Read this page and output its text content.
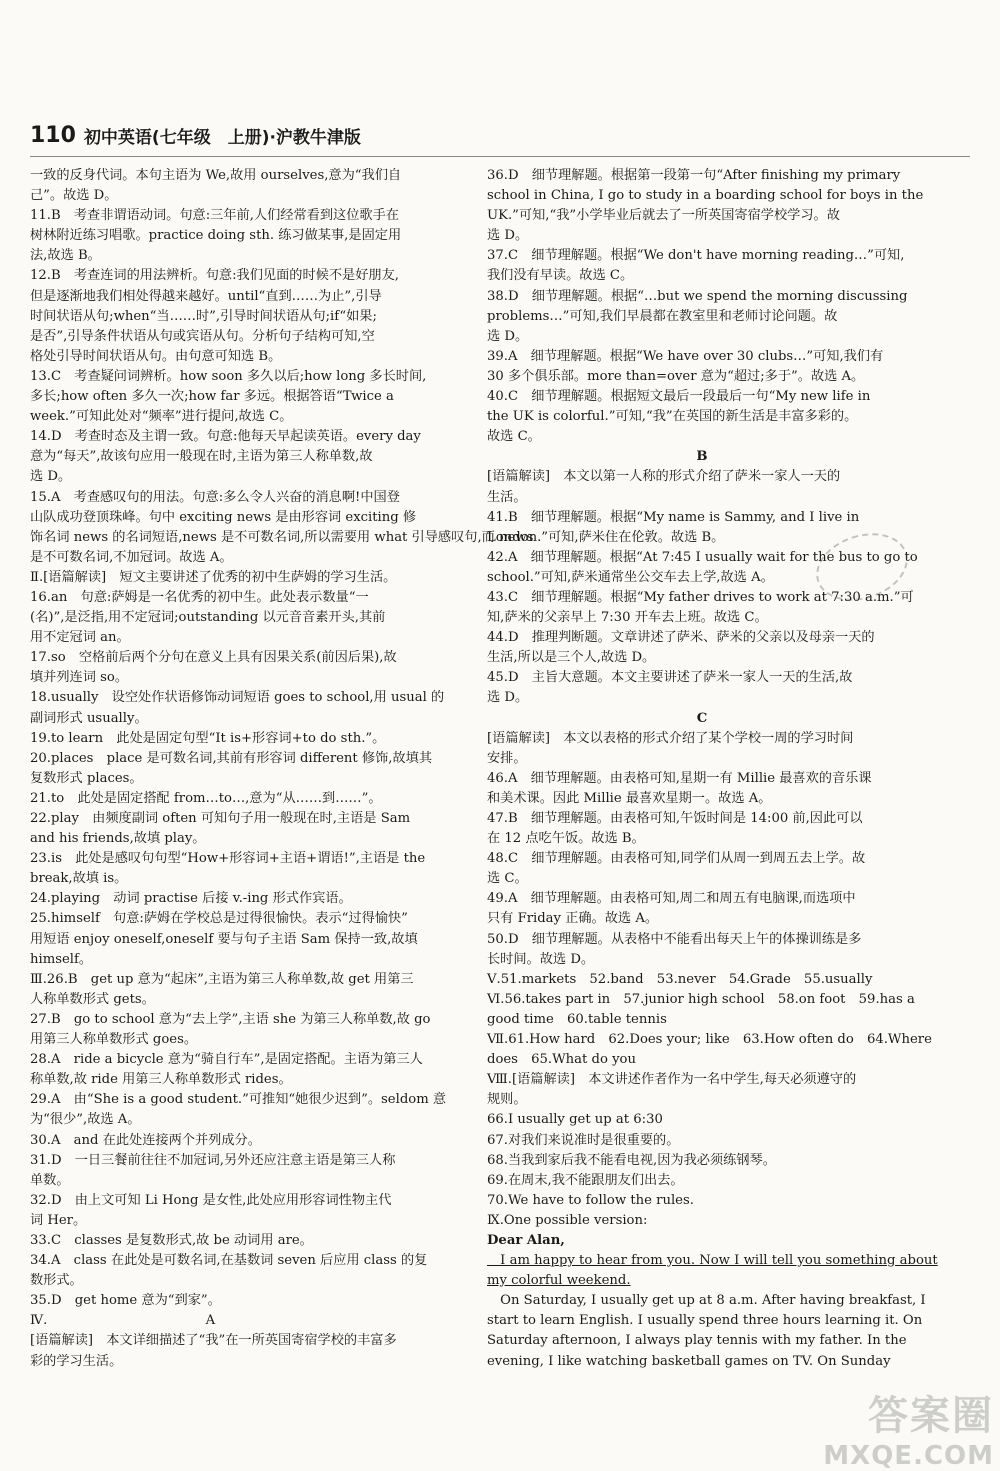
110 初中英语(七年级　上册)·沪教牛津版
一致的反身代词。本句主语为 We,故用 ourselves,意为“我们自
己”。故选 D。
11.B　考查非谓语动词。句意:三年前,人们经常看到这位歌手在
树林附近练习唱歌。practice doing sth. 练习做某事,是固定用
法,故选 B。
12.B　考查连词的用法辨析。句意:我们见面的时候不是好朋友,
但是逐渐地我们相处得越来越好。until“直到……为止”,引导
时间状语从句;when“当……时”,引导时间状语从句;if“如果;
是否”,引导条件状语从句或宾语从句。分析句子结构可知,空
格处引导时间状语从句。由句意可知选 B。
13.C　考查疑问词辨析。how soon 多久以后;how long 多长时间,
多长;how often 多久一次;how far 多远。根据答语“Twice a
week.”可知此处对“频率”进行提问,故选 C。
14.D　考查时态及主谓一致。句意:他每天早起读英语。every day
意为“每天”,故该句应用一般现在时,主语为第三人称单数,故
选 D。
15.A　考查感叹句的用法。句意:多么令人兴奋的消息啊!中国登
山队成功登顶珠峰。句中 exciting news 是由形容词 exciting 修
饰名词 news 的名词短语,news 是不可数名词,所以需要用 what 引导感叹句,而 news
是不可数名词,不加冠词。故选 A。
Ⅱ.[语篇解读]　短文主要讲述了优秀的初中生萨姆的学习生活。
16.an　句意:萨姆是一名优秀的初中生。此处表示数量“一
(名)”,是泛指,用不定冠词;outstanding 以元音音素开头,其前
用不定冠词 an。
17.so　空格前后两个分句在意义上具有因果关系(前因后果),故
填并列连词 so。
18.usually　设空处作状语修饰动词短语 goes to school,用 usual 的
副词形式 usually。
19.to learn　此处是固定句型“It is+形容词+to do sth.”。
20.places　place 是可数名词,其前有形容词 different 修饰,故填其
复数形式 places。
21.to　此处是固定搭配 from…to…,意为“从……到……”。
22.play　由频度副词 often 可知句子用一般现在时,主语是 Sam
and his friends,故填 play。
23.is　此处是感叹句句型“How+形容词+主语+谓语!”,主语是 the
break,故填 is。
24.playing　动词 practise 后接 v.-ing 形式作宾语。
25.himself　句意:萨姆在学校总是过得很愉快。表示“过得愉快”
用短语 enjoy oneself,oneself 要与句子主语 Sam 保持一致,故填
himself。
Ⅲ.26.B　get up 意为“起床”,主语为第三人称单数,故 get 用第三
人称单数形式 gets。
27.B　go to school 意为“去上学”,主语 she 为第三人称单数,故 go
用第三人称单数形式 goes。
28.A　ride a bicycle 意为“骑自行车”,是固定搭配。主语为第三人
称单数,故 ride 用第三人称单数形式 rides。
29.A　由“She is a good student.”可推知“她很少迟到”。seldom 意
为“很少”,故选 A。
30.A　and 在此处连接两个并列成分。
31.D　一日三餐前往往不加冠词,另外还应注意主语是第三人称
单数。
32.D　由上文可知 Li Hong 是女性,此处应用形容词性物主代
词 Her。
33.C　classes 是复数形式,故 be 动词用 are。
34.A　class 在此处是可数名词,在基数词 seven 后应用 class 的复
数形式。
35.D　get home 意为“到家”。
Ⅳ.　　　　　　　　　　　　A
[语篇解读]　本文详细描述了“我”在一所英国寄宿学校的丰富多
彩的学习生活。
36.D　细节理解题。根据第一段第一句“After finishing my primary
school in China, I go to study in a boarding school for boys in the
UK.”可知,“我”小学毕业后就去了一所英国寄宿学校学习。故
选 D。
37.C　细节理解题。根据“We don't have morning reading…”可知,
我们没有早读。故选 C。
38.D　细节理解题。根据“…but we spend the morning discussing
problems…”可知,我们早晨都在教室里和老师讨论问题。故
选 D。
39.A　细节理解题。根据“We have over 30 clubs…”可知,我们有
30 多个俱乐部。more than=over 意为“超过;多于”。故选 A。
40.C　细节理解题。根据短文最后一段最后一句“My new life in
the UK is colorful.”可知,“我”在英国的新生活是丰富多彩的。
故选 C。
B
[语篇解读]　本文以第一人称的形式介绍了萨米一家人一天的
生活。
41.B　细节理解题。根据“My name is Sammy, and I live in
London.”可知,萨米住在伦敦。故选 B。
42.A　细节理解题。根据“At 7:45 I usually wait for the bus to go to
school.”可知,萨米通常坐公交车去上学,故选 A。
43.C　细节理解题。根据“My father drives to work at 7:30 a.m.”可
知,萨米的父亲早上 7:30 开车去上班。故选 C。
44.D　推理判断题。文章讲述了萨米、萨米的父亲以及母亲一天的
生活,所以是三个人,故选 D。
45.D　主旨大意题。本文主要讲述了萨米一家人一天的生活,故
选 D。
C
[语篇解读]　本文以表格的形式介绍了某个学校一周的学习时间
安排。
46.A　细节理解题。由表格可知,星期一有 Millie 最喜欢的音乐课
和美术课。因此 Millie 最喜欢星期一。故选 A。
47.B　细节理解题。由表格可知,午饭时间是 14:00 前,因此可以
在 12 点吃午饭。故选 B。
48.C　细节理解题。由表格可知,同学们从周一到周五去上学。故
选 C。
49.A　细节理解题。由表格可知,周二和周五有电脑课,而选项中
只有 Friday 正确。故选 A。
50.D　细节理解题。从表格中不能看出每天上午的体操训练是多
长时间。故选 D。
Ⅴ.51.markets　52.band　53.never　54.Grade　55.usually
Ⅵ.56.takes part in　57.junior high school　58.on foot　59.has a
good time　60.table tennis
Ⅶ.61.How hard　62.Does your; like　63.How often do　64.Where
does　65.What do you
Ⅷ.[语篇解读]　本文讲述作者作为一名中学生,每天必须遵守的
规则。
66.I usually get up at 6:30
67.对我们来说准时是很重要的。
68.当我到家后我不能看电视,因为我必须练钢琴。
69.在周末,我不能跟朋友们出去。
70.We have to follow the rules.
Ⅸ.One possible version:
Dear Alan,
　I am happy to hear from you. Now I will tell you something about
my colorful weekend.
　On Saturday, I usually get up at 8 a.m. After having breakfast, I
start to learn English. I usually spend three hours learning it. On
Saturday afternoon, I always play tennis with my father. In the
evening, I like watching basketball games on TV. On Sunday
答案圈
MXQE.COM
